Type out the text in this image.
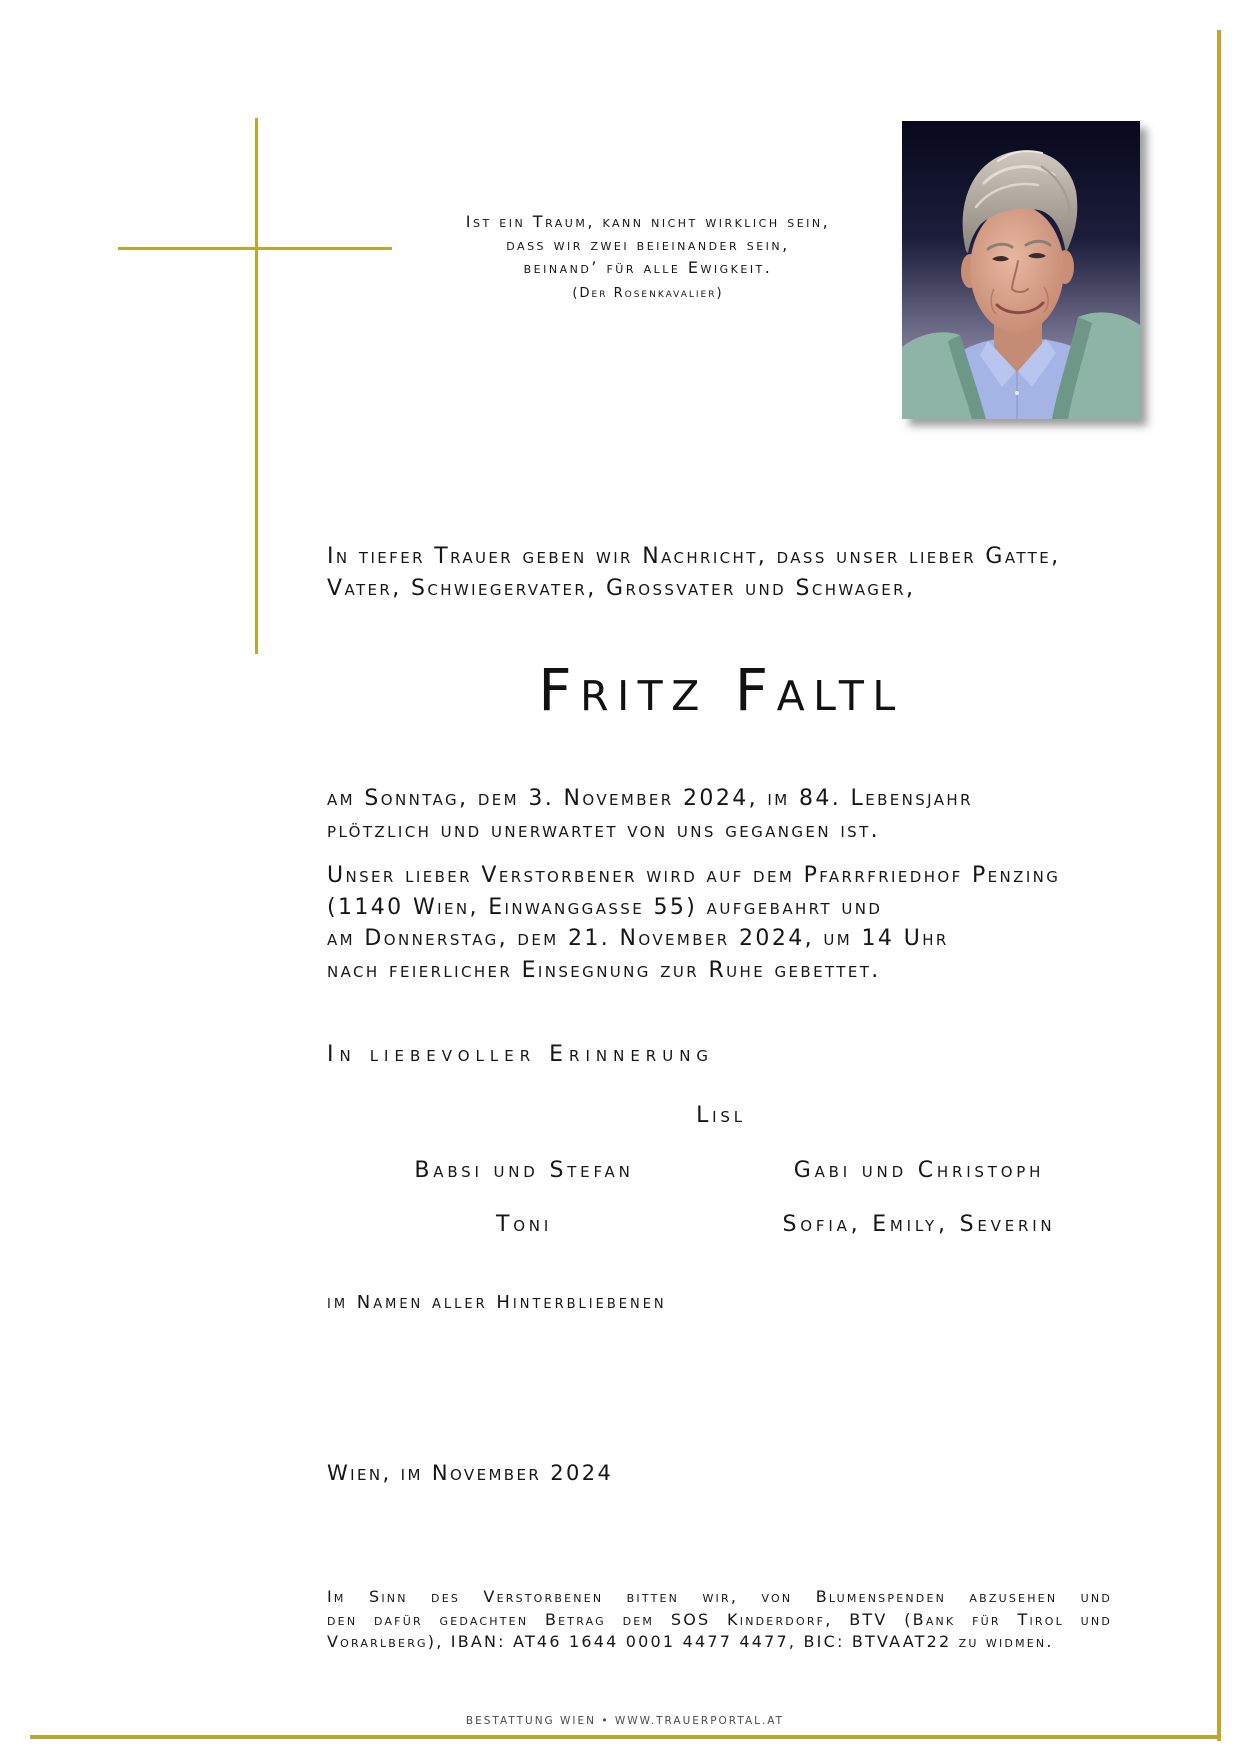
Ist ein Traum, kann nicht wirklich sein,
dass wir zwei beieinander sein,
beinand’ für alle Ewigkeit.
(Der Rosenkavalier)
In tiefer Trauer geben wir Nachricht, dass unser lieber Gatte,
Vater, Schwiegervater, Grossvater und Schwager,
Fritz Faltl
am Sonntag, dem 3. November 2024, im 84. Lebensjahr
plötzlich und unerwartet von uns gegangen ist.
Unser lieber Verstorbener wird auf dem Pfarrfriedhof Penzing
(1140 Wien, Einwanggasse 55) aufgebahrt und
am Donnerstag, dem 21. November 2024, um 14 Uhr
nach feierlicher Einsegnung zur Ruhe gebettet.
In liebevoller Erinnerung
Lisl
Babsi und Stefan	Gabi und Christoph
Toni	Sofia, Emily, Severin
im Namen aller Hinterbliebenen
Wien, im November 2024
Im Sinn des Verstorbenen bitten wir, von Blumenspenden abzusehen und
den dafür gedachten Betrag dem SOS Kinderdorf, BTV (Bank für Tirol und
Vorarlberg), IBAN: AT46 1644 0001 4477 4477, BIC: BTVAAT22 zu widmen.
BESTATTUNG WIEN • WWW.TRAUERPORTAL.AT
